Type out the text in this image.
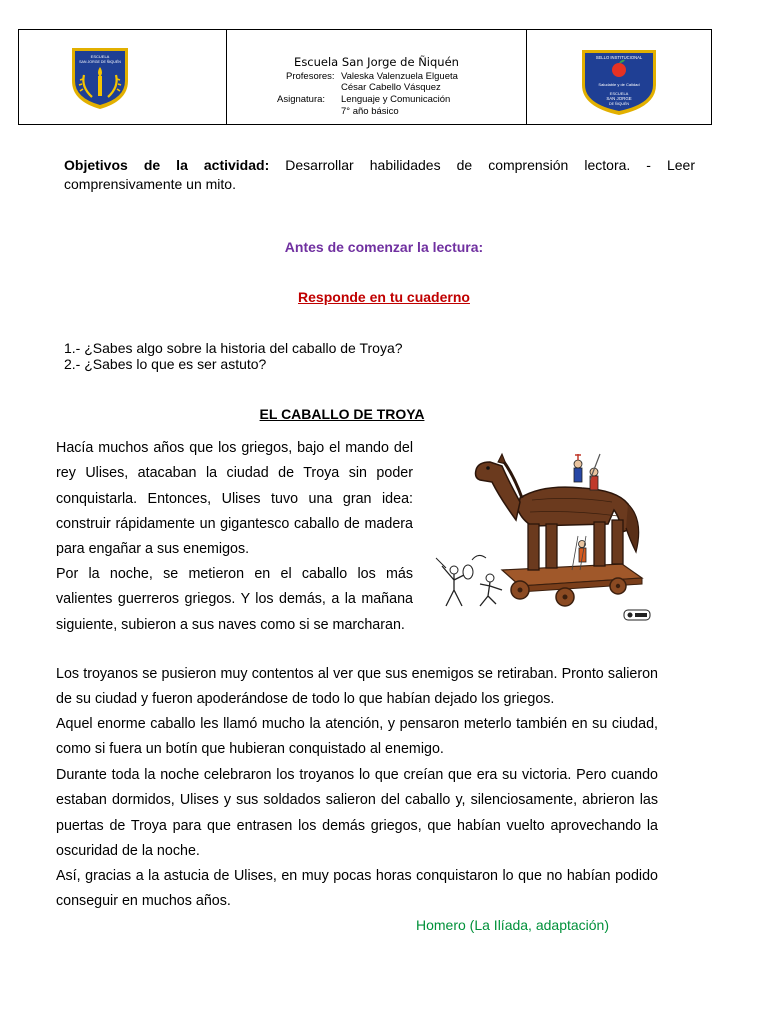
ESCUELA
SAN JORGE DE ÑIQUÉN	Escuela San Jorge de Ñiquén
Profesores: Valeska Valenzuela Elgueta
César Cabello Vásquez
Asignatura: Lenguaje y Comunicación
7° año básico
SELLO INSTITUCIONAL
Saludable y de Calidad
ESCUELA
SAN JORGE
DE ÑIQUÉN
Objetivos de la actividad: Desarrollar habilidades de comprensión lectora. - Leer comprensivamente un mito.
Antes de comenzar la lectura:
Responde en tu cuaderno
1.- ¿Sabes algo sobre la historia del caballo de Troya?
2.- ¿Sabes lo que es ser astuto?
EL CABALLO DE TROYA
Hacía muchos años que los griegos, bajo el mando del rey Ulises, atacaban la ciudad de Troya sin poder conquistarla. Entonces, Ulises tuvo una gran idea: construir rápidamente un gigantesco caballo de madera para engañar a sus enemigos.
Por la noche, se metieron en el caballo los más valientes guerreros griegos. Y los demás, a la mañana siguiente, subieron a sus naves como si se marcharan.
Los troyanos se pusieron muy contentos al ver que sus enemigos se retiraban. Pronto salieron de su ciudad y fueron apoderándose de todo lo que habían dejado los griegos.
Aquel enorme caballo les llamó mucho la atención, y pensaron meterlo también en su ciudad, como si fuera un botín que hubieran conquistado al enemigo.
Durante toda la noche celebraron los troyanos lo que creían que era su victoria. Pero cuando estaban dormidos, Ulises y sus soldados salieron del caballo y, silenciosamente, abrieron las puertas de Troya para que entrasen los demás griegos, que habían vuelto aprovechando la oscuridad de la noche.
Así, gracias a la astucia de Ulises, en muy pocas horas conquistaron lo que no habían podido conseguir en muchos años.
Homero (La Ilíada, adaptación)
